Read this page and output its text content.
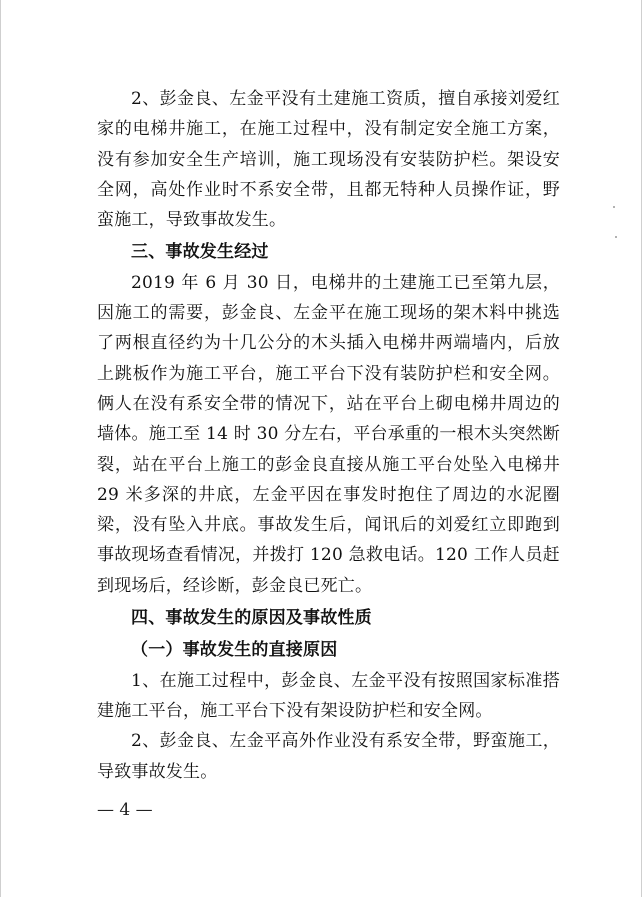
2、彭金良、左金平没有土建施工资质，擅自承接刘爱红家的电梯井施工，在施工过程中，没有制定安全施工方案，没有参加安全生产培训，施工现场没有安装防护栏。架设安全网，高处作业时不系安全带，且都无特种人员操作证，野蛮施工，导致事故发生。

三、事故发生经过

2019 年 6 月 30 日，电梯井的土建施工已至第九层，因施工的需要，彭金良、左金平在施工现场的架木料中挑选了两根直径约为十几公分的木头插入电梯井两端墙内，后放上跳板作为施工平台，施工平台下没有装防护栏和安全网。俩人在没有系安全带的情况下，站在平台上砌电梯井周边的墙体。施工至 14 时 30 分左右，平台承重的一根木头突然断裂，站在平台上施工的彭金良直接从施工平台处坠入电梯井 29 米多深的井底，左金平因在事发时抱住了周边的水泥圈梁，没有坠入井底。事故发生后，闻讯后的刘爱红立即跑到事故现场查看情况，并拨打 120 急救电话。120 工作人员赶到现场后，经诊断，彭金良已死亡。

四、事故发生的原因及事故性质

（一）事故发生的直接原因

1、在施工过程中，彭金良、左金平没有按照国家标准搭建施工平台，施工平台下没有架设防护栏和安全网。

2、彭金良、左金平高外作业没有系安全带，野蛮施工，导致事故发生。

— 4 —
